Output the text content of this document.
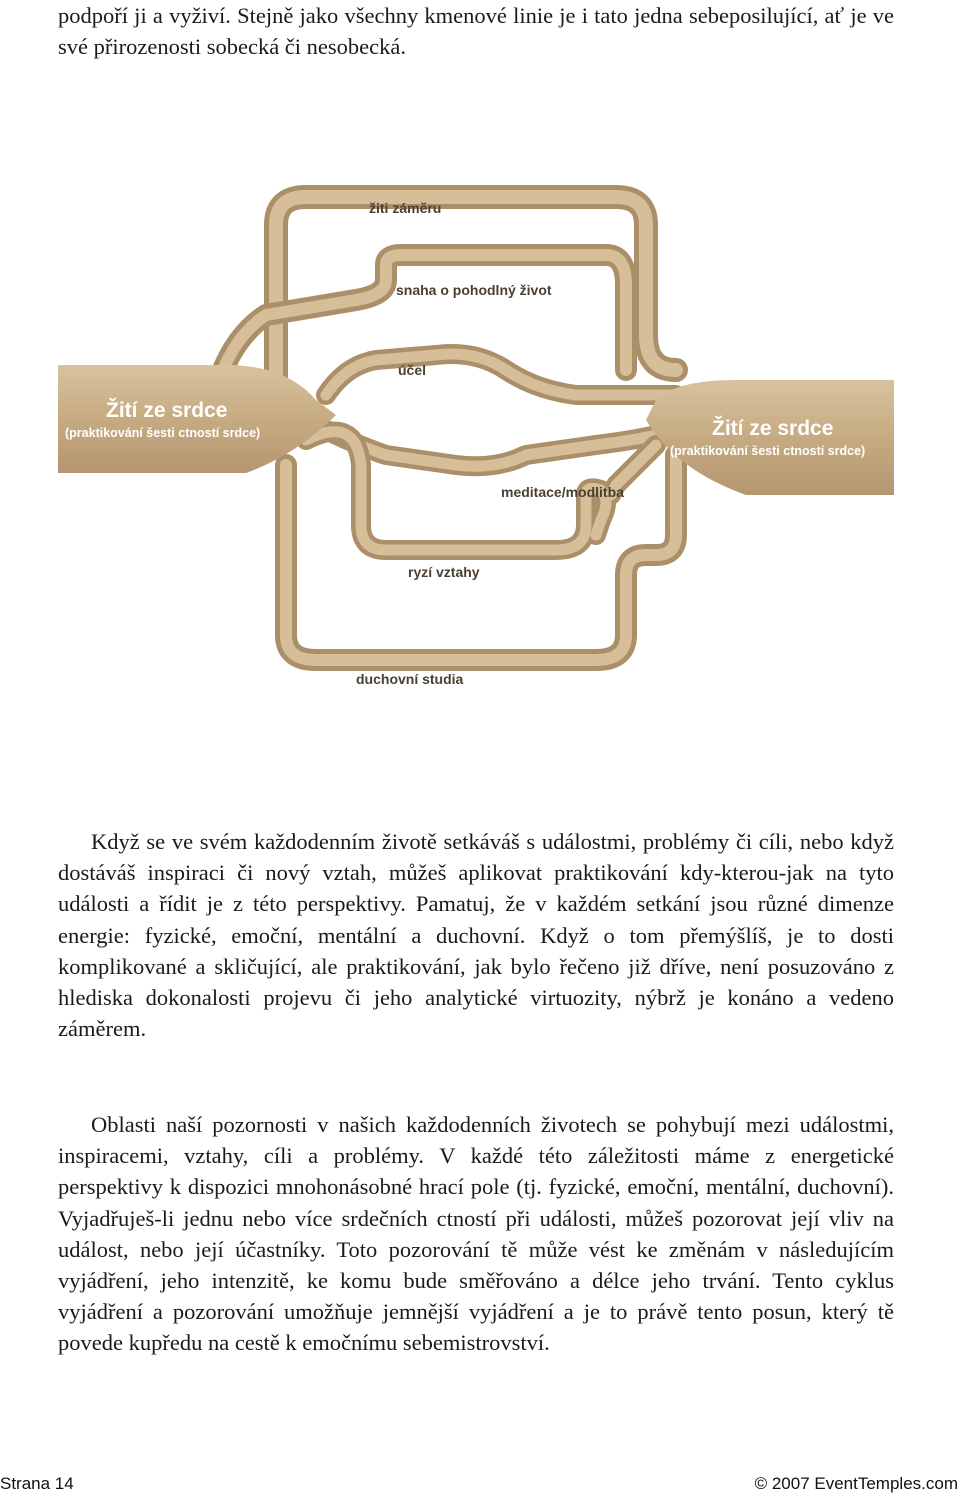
podpoří ji a vyživí. Stejně jako všechny kmenové linie je i tato jedna sebeposilující, ať je ve své přirozenosti sobecká či nesobecká.

Žití ze srdce
(praktikování šesti ctností srdce)	Žití ze srdce
(praktikování šesti ctností srdce)
žiti záměru
snaha o pohodlný život
účel
meditace/modlitba
ryzí vztahy
duchovní studia

Když se ve svém každodenním životě setkáváš s událostmi, problémy či cíli, nebo když dostáváš inspiraci či nový vztah, můžeš aplikovat praktikování kdy-kterou-jak na tyto události a řídit je z této perspektivy. Pamatuj, že v každém setkání jsou různé dimenze energie: fyzické, emoční, mentální a duchovní. Když o tom přemýšlíš, je to dosti komplikované a skličující, ale praktikování, jak bylo řečeno již dříve, není posuzováno z hlediska dokonalosti projevu či jeho analytické virtuozity, nýbrž je konáno a vedeno záměrem.

Oblasti naší pozornosti v našich každodenních životech se pohybují mezi událostmi, inspiracemi, vztahy, cíli a problémy. V každé této záležitosti máme z energetické perspektivy k dispozici mnohonásobné hrací pole (tj. fyzické, emoční, mentální, duchovní). Vyjadřuješ-li jednu nebo více srdečních ctností při události, můžeš pozorovat její vliv na událost, nebo její účastníky. Toto pozorování tě může vést ke změnám v následujícím vyjádření, jeho intenzitě, ke komu bude směřováno a délce jeho trvání. Tento cyklus vyjádření a pozorování umožňuje jemnější vyjádření a je to právě tento posun, který tě povede kupředu na cestě k emočnímu sebemistrovství.

Strana 14	© 2007 EventTemples.com
